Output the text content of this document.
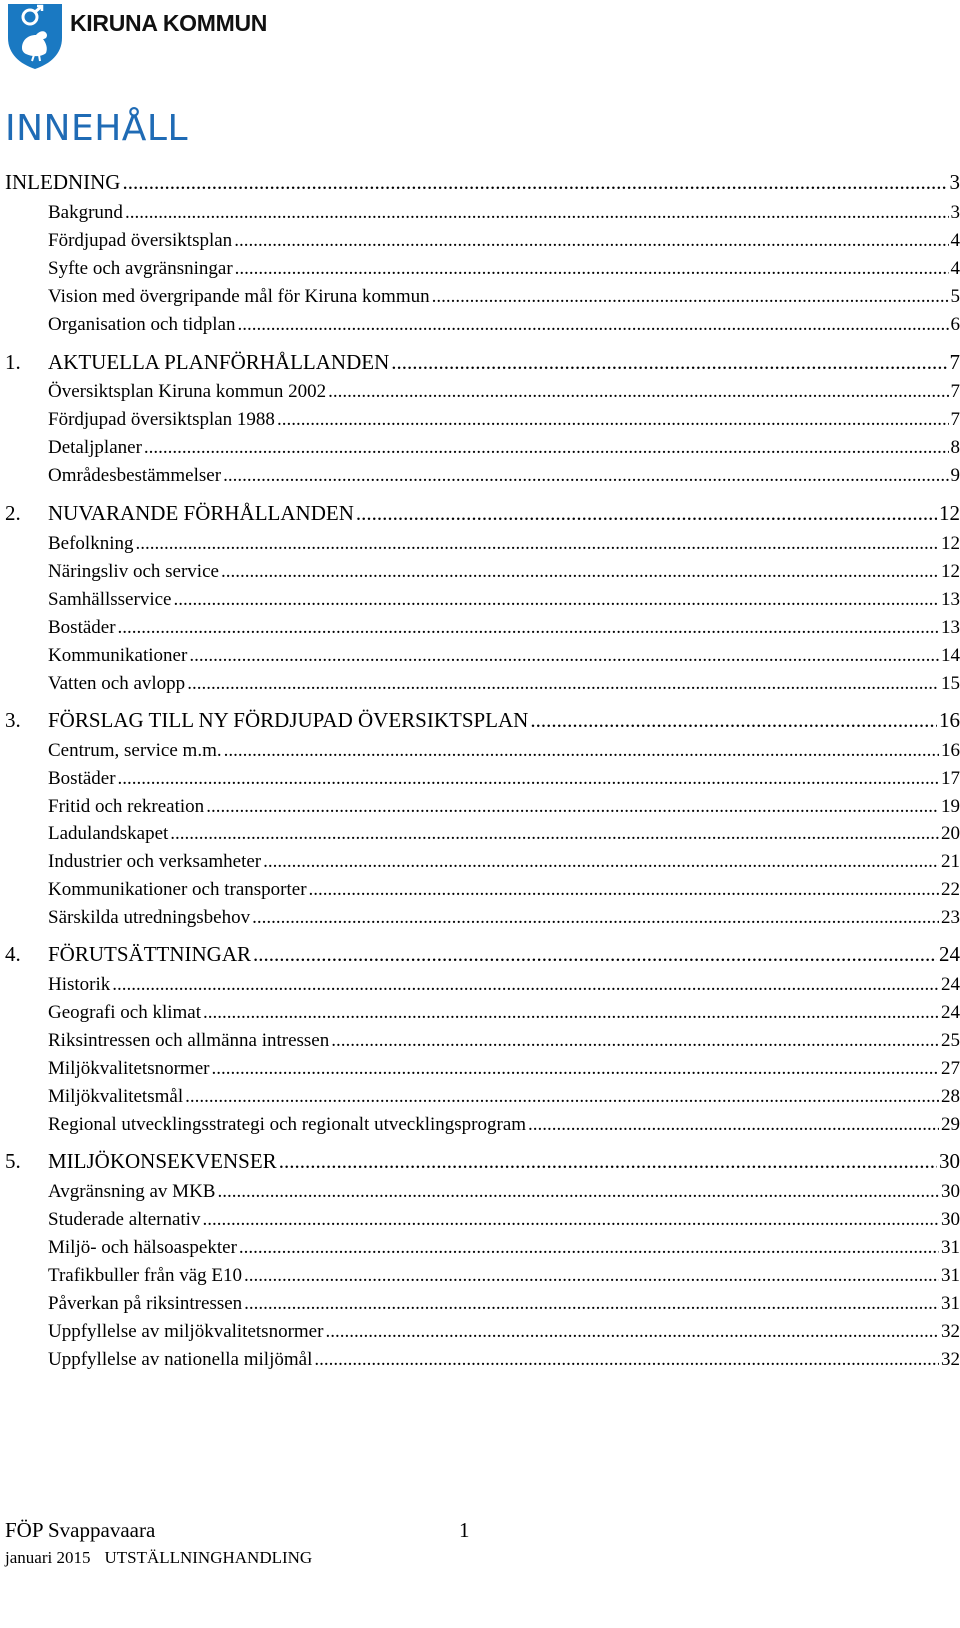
KIRUNA KOMMUN
INNEHÅLL
INLEDNING .....	3
Bakgrund .....	3
Fördjupad översiktsplan .....	4
Syfte och avgränsningar .....	4
Vision med övergripande mål för Kiruna kommun .....	5
Organisation och tidplan .....	6
1.	AKTUELLA PLANFÖRHÅLLANDEN .....	7
Översiktsplan Kiruna kommun 2002 .....	7
Fördjupad översiktsplan 1988 .....	7
Detaljplaner .....	8
Områdesbestämmelser .....	9
2.	NUVARANDE FÖRHÅLLANDEN .....	12
Befolkning .....	12
Näringsliv och service .....	12
Samhällsservice .....	13
Bostäder .....	13
Kommunikationer .....	14
Vatten och avlopp .....	15
3.	FÖRSLAG TILL NY FÖRDJUPAD ÖVERSIKTSPLAN .....	16
Centrum, service m.m. .....	16
Bostäder .....	17
Fritid och rekreation .....	19
Ladulandskapet .....	20
Industrier och verksamheter .....	21
Kommunikationer och transporter .....	22
Särskilda utredningsbehov .....	23
4.	FÖRUTSÄTTNINGAR .....	24
Historik .....	24
Geografi och klimat .....	24
Riksintressen och allmänna intressen .....	25
Miljökvalitetsnormer .....	27
Miljökvalitetsmål .....	28
Regional utvecklingsstrategi och regionalt utvecklingsprogram .....	29
5.	MILJÖKONSEKVENSER .....	30
Avgränsning av MKB .....	30
Studerade alternativ .....	30
Miljö- och hälsoaspekter .....	31
Trafikbuller från väg E10 .....	31
Påverkan på riksintressen .....	31
Uppfyllelse av miljökvalitetsnormer .....	32
Uppfyllelse av nationella miljömål .....	32
FÖP Svappavaara	1
januari 2015 UTSTÄLLNINGHANDLING
